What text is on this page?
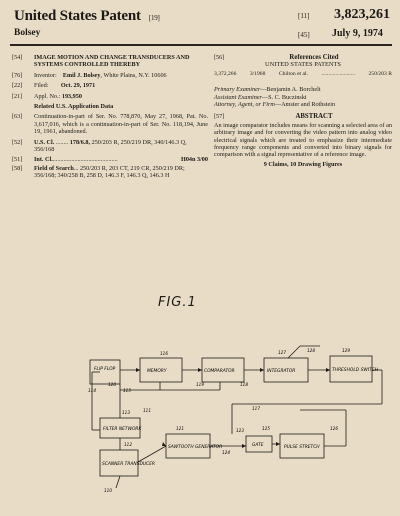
United States Patent [19]
Bolsey
[11] 3,823,261
[45] July 9, 1974
[54]	IMAGE MOTION AND CHANGE TRANSDUCERS AND SYSTEMS CONTROLLED THEREBY
[76]	Inventor: Emil J. Bolsey, White Plains, N.Y. 10606
[22]	Filed: Oct. 29, 1971
[21]	Appl. No.: 193,950
Related U.S. Application Data
[63]	Continuation-in-part of Ser. No. 778,870, May 27, 1968, Pat. No. 3,617,016, which is a continuation-in-part of Ser. No. 118,194, June 19, 1961, abandoned.
[52]	U.S. Cl. ........ 178/6.8, 250/203 R, 250/219 DR, 340/146.3 Q, 356/168
[51]	Int. Cl. ..........................................	H04n 3/00
[58]	Field of Search... 250/203 R, 203 CT, 219 CR, 250/219 DR; 356/168; 340/258 B, 258 D, 146.3 F, 146.3 Q, 146.3 H
[56]	References Cited
UNITED STATES PATENTS
3,372,266 3/1968 Chilton et al. ........................ 250/203 R
Primary Examiner—Benjamin A. Borchelt
Assistant Examiner—S. C. Buczinski
Attorney, Agent, or Firm—Amster and Rothstein
[57]	ABSTRACT
An image comparator includes means for scanning a selected area of an arbitrary image and for converting the video pattern into analog video electrical signals which are treated to emphasize their intermediate frequency range components and converted into binary signals for comparison with a signal representative of a reference image.
9 Claims, 10 Drawing Figures
FIG.1
FLIP FLOP	MEMORY	COMPARATOR	INTEGRATOR	THRESHOLD SWITCH
FILTER NETWORK
SCANNER TRANSDUCER
SAWTOOTH GENERATOR	GATE	PULSE STRETCH
114	115
116	127	128	129
113	111
112
121	123
124
125	126
110
117
118
119
120
